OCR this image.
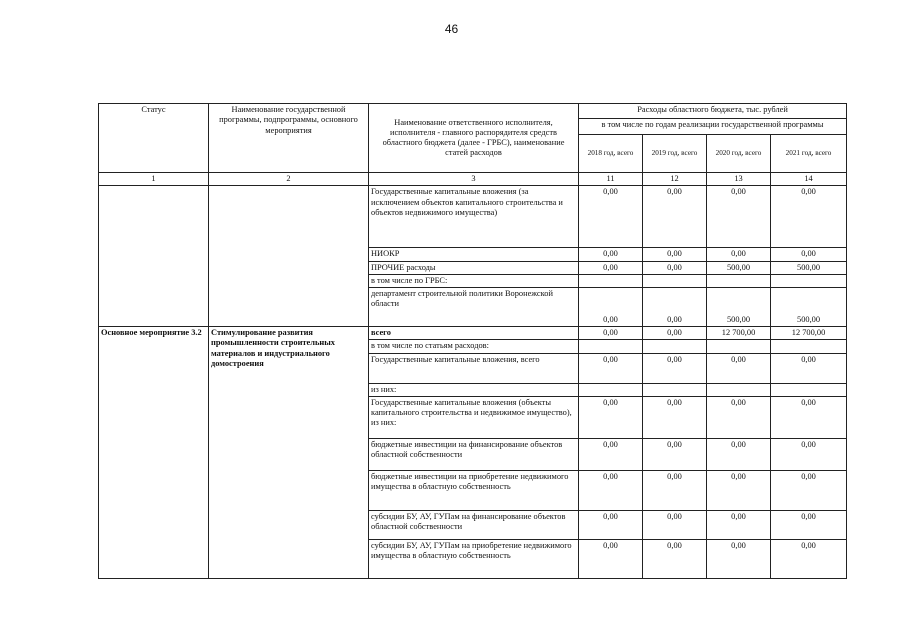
46
Статус	Наименование государственной программы, подпрограммы, основного мероприятия	Наименование ответственного исполнителя, исполнителя - главного распорядителя средств областного бюджета (далее - ГРБС), наименование статей расходов	Расходы областного бюджета, тыс. рублей			
			в том числе по годам реализации государственной программы			
			2018 год, всего	2019 год, всего	2020 год, всего	2021 год, всего
1	2	3	11	12	13	14
		Государственные капитальные вложения (за исключением объектов капитального строительства и объектов недвижимого имущества)	0,00	0,00	0,00	0,00
		НИОКР	0,00	0,00	0,00	0,00
		ПРОЧИЕ расходы	0,00	0,00	500,00	500,00
		в том числе по ГРБС:				
		департамент строительной политики Воронежской области	0,00	0,00	500,00	500,00
Основное мероприятие 3.2	Стимулирование развития промышленности строительных материалов и индустриального домостроения	всего	0,00	0,00	12 700,00	12 700,00
		в том числе по статьям расходов:				
		Государственные капитальные вложения, всего	0,00	0,00	0,00	0,00
		из них:				
		Государственные капитальные вложения (объекты капитального строительства и недвижимое имущество), из них:	0,00	0,00	0,00	0,00
		бюджетные инвестиции на финансирование объектов областной собственности	0,00	0,00	0,00	0,00
		бюджетные инвестиции на приобретение недвижимого имущества в областную собственность	0,00	0,00	0,00	0,00
		субсидии БУ, АУ, ГУПам на финансирование объектов областной собственности	0,00	0,00	0,00	0,00
		субсидии БУ, АУ, ГУПам на приобретение недвижимого имущества в областную собственность	0,00	0,00	0,00	0,00
